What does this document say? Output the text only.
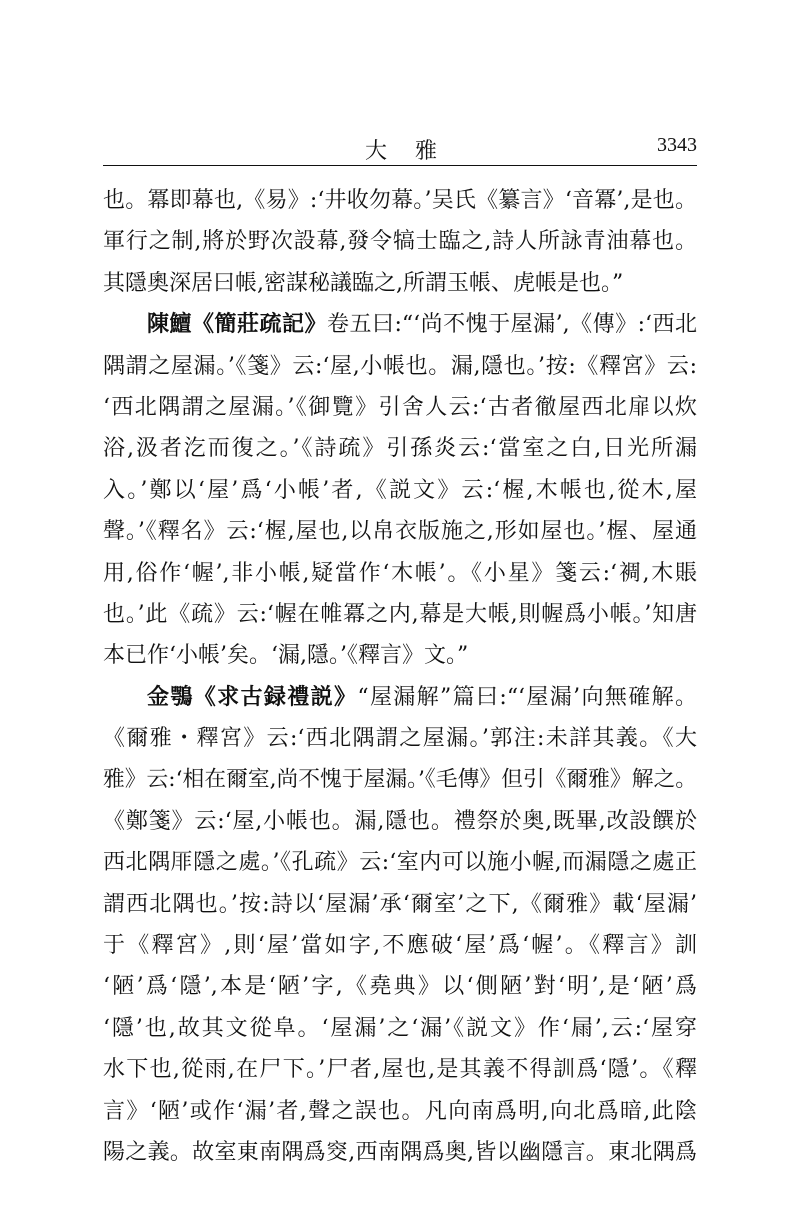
大雅	3343
也。冪即幕也,《易》:‘井收勿幕。’吴氏《纂言》‘音冪’,是也。
軍行之制,將於野次設幕,發令犒士臨之,詩人所詠青油幕也。
其隱奧深居曰帳,密謀秘議臨之,所謂玉帳、虎帳是也。”
陳鱣《簡莊疏記》卷五曰:“‘尚不愧于屋漏’,《傳》:‘西北
隅謂之屋漏。’《箋》云:‘屋,小帳也。漏,隱也。’按:《釋宮》云:
‘西北隅謂之屋漏。’《御覽》引舍人云:‘古者徹屋西北扉以炊
浴,汲者汔而復之。’《詩疏》引孫炎云:‘當室之白,日光所漏
入。’鄭以‘屋’爲‘小帳’者,《説文》云:‘楃,木帳也,從木,屋
聲。’《釋名》云:‘楃,屋也,以帛衣版施之,形如屋也。’楃、屋通
用,俗作‘幄’,非小帳,疑當作‘木帳’。《小星》箋云:‘裯,木賬
也。’此《疏》云:‘幄在帷冪之内,幕是大帳,則幄爲小帳。’知唐
本已作‘小帳’矣。‘漏,隱。’《釋言》文。”
金鶚《求古録禮説》“屋漏解”篇曰:“‘屋漏’向無確解。
《爾雅・釋宮》云:‘西北隅謂之屋漏。’郭注:未詳其義。《大
雅》云:‘相在爾室,尚不愧于屋漏。’《毛傳》但引《爾雅》解之。
《鄭箋》云:‘屋,小帳也。漏,隱也。禮祭於奥,既畢,改設饌於
西北隅厞隱之處。’《孔疏》云:‘室内可以施小幄,而漏隱之處正
謂西北隅也。’按:詩以‘屋漏’承‘爾室’之下,《爾雅》載‘屋漏’
于《釋宮》,則‘屋’當如字,不應破‘屋’爲‘幄’。《釋言》訓
‘陋’爲‘隱’,本是‘陋’字,《堯典》以‘側陋’對‘明’,是‘陋’爲
‘隱’也,故其文從阜。‘屋漏’之‘漏’《説文》作‘屚’,云:‘屋穿
水下也,從雨,在尸下。’尸者,屋也,是其義不得訓爲‘隱’。《釋
言》‘陋’或作‘漏’者,聲之誤也。凡向南爲明,向北爲暗,此陰
陽之義。故室東南隅爲窔,西南隅爲奥,皆以幽隱言。東北隅爲
